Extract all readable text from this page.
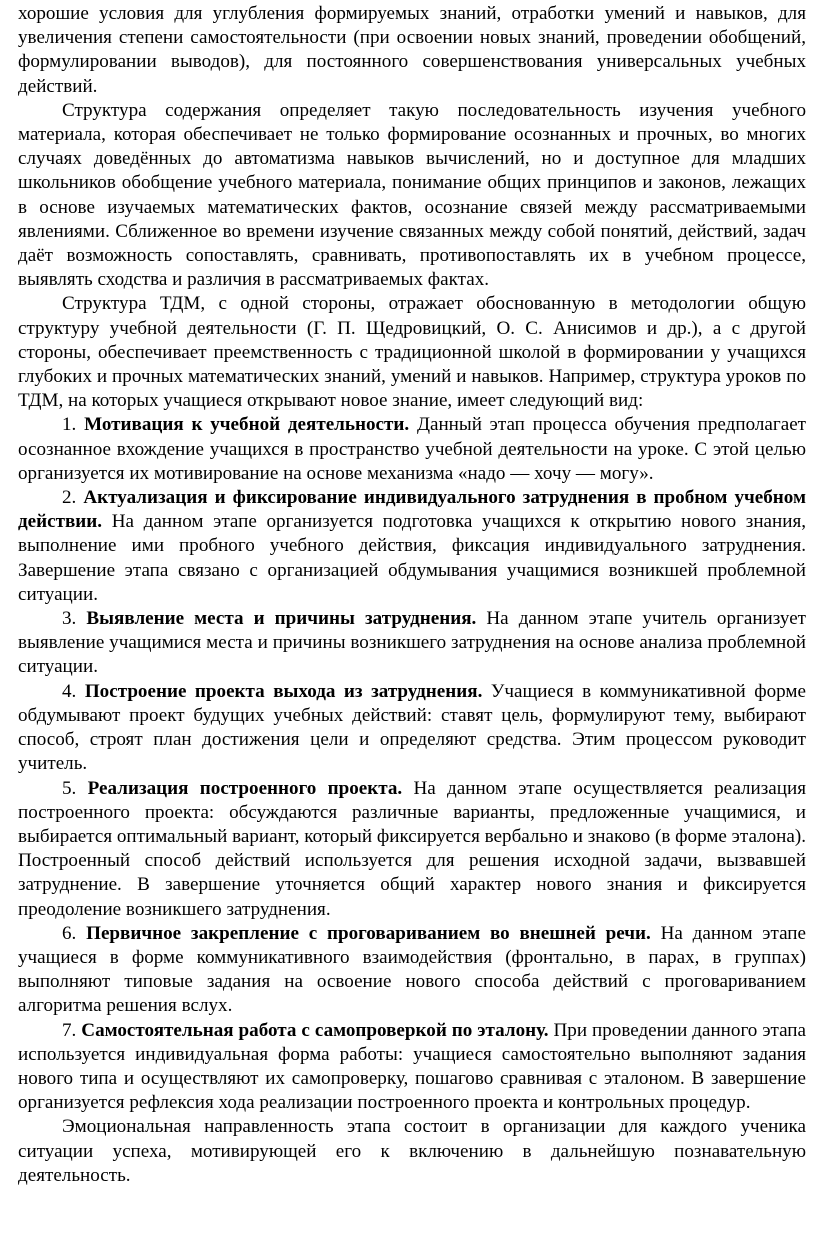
хорошие условия для углубления формируемых знаний, отработки умений и навыков, для увеличения степени самостоятельности (при освоении новых знаний, проведении обобщений, формулировании выводов), для постоянного совершенствования универсальных учебных действий.

Структура содержания определяет такую последовательность изучения учебного материала, которая обеспечивает не только формирование осознанных и прочных, во многих случаях доведённых до автоматизма навыков вычислений, но и доступное для младших школьников обобщение учебного материала, понимание общих принципов и законов, лежащих в основе изучаемых математических фактов, осознание связей между рассматриваемыми явлениями. Сближенное во времени изучение связанных между собой понятий, действий, задач даёт возможность сопоставлять, сравнивать, противопоставлять их в учебном процессе, выявлять сходства и различия в рассматриваемых фактах.

Структура ТДМ, с одной стороны, отражает обоснованную в методологии общую структуру учебной деятельности (Г. П. Щедровицкий, О. С. Анисимов и др.), а с другой стороны, обеспечивает преемственность с традиционной школой в формировании у учащихся глубоких и прочных математических знаний, умений и навыков. Например, структура уроков по ТДМ, на которых учащиеся открывают новое знание, имеет следующий вид:

1. Мотивация к учебной деятельности. Данный этап процесса обучения предполагает осознанное вхождение учащихся в пространство учебной деятельности на уроке. С этой целью организуется их мотивирование на основе механизма «надо — хочу — могу».

2. Актуализация и фиксирование индивидуального затруднения в пробном учебном действии. На данном этапе организуется подготовка учащихся к открытию нового знания, выполнение ими пробного учебного действия, фиксация индивидуального затруднения. Завершение этапа связано с организацией обдумывания учащимися возникшей проблемной ситуации.

3. Выявление места и причины затруднения. На данном этапе учитель организует выявление учащимися места и причины возникшего затруднения на основе анализа проблемной ситуации.

4. Построение проекта выхода из затруднения. Учащиеся в коммуникативной форме обдумывают проект будущих учебных действий: ставят цель, формулируют тему, выбирают способ, строят план достижения цели и определяют средства. Этим процессом руководит учитель.

5. Реализация построенного проекта. На данном этапе осуществляется реализация построенного проекта: обсуждаются различные варианты, предложенные учащимися, и выбирается оптимальный вариант, который фиксируется вербально и знаково (в форме эталона). Построенный способ действий используется для решения исходной задачи, вызвавшей затруднение. В завершение уточняется общий характер нового знания и фиксируется преодоление возникшего затруднения.

6. Первичное закрепление с проговариванием во внешней речи. На данном этапе учащиеся в форме коммуникативного взаимодействия (фронтально, в парах, в группах) выполняют типовые задания на освоение нового способа действий с проговариванием алгоритма решения вслух.

7. Самостоятельная работа с самопроверкой по эталону. При проведении данного этапа используется индивидуальная форма работы: учащиеся самостоятельно выполняют задания нового типа и осуществляют их самопроверку, пошагово сравнивая с эталоном. В завершение организуется рефлексия хода реализации построенного проекта и контрольных процедур.

Эмоциональная направленность этапа состоит в организации для каждого ученика ситуации успеха, мотивирующей его к включению в дальнейшую познавательную деятельность.
